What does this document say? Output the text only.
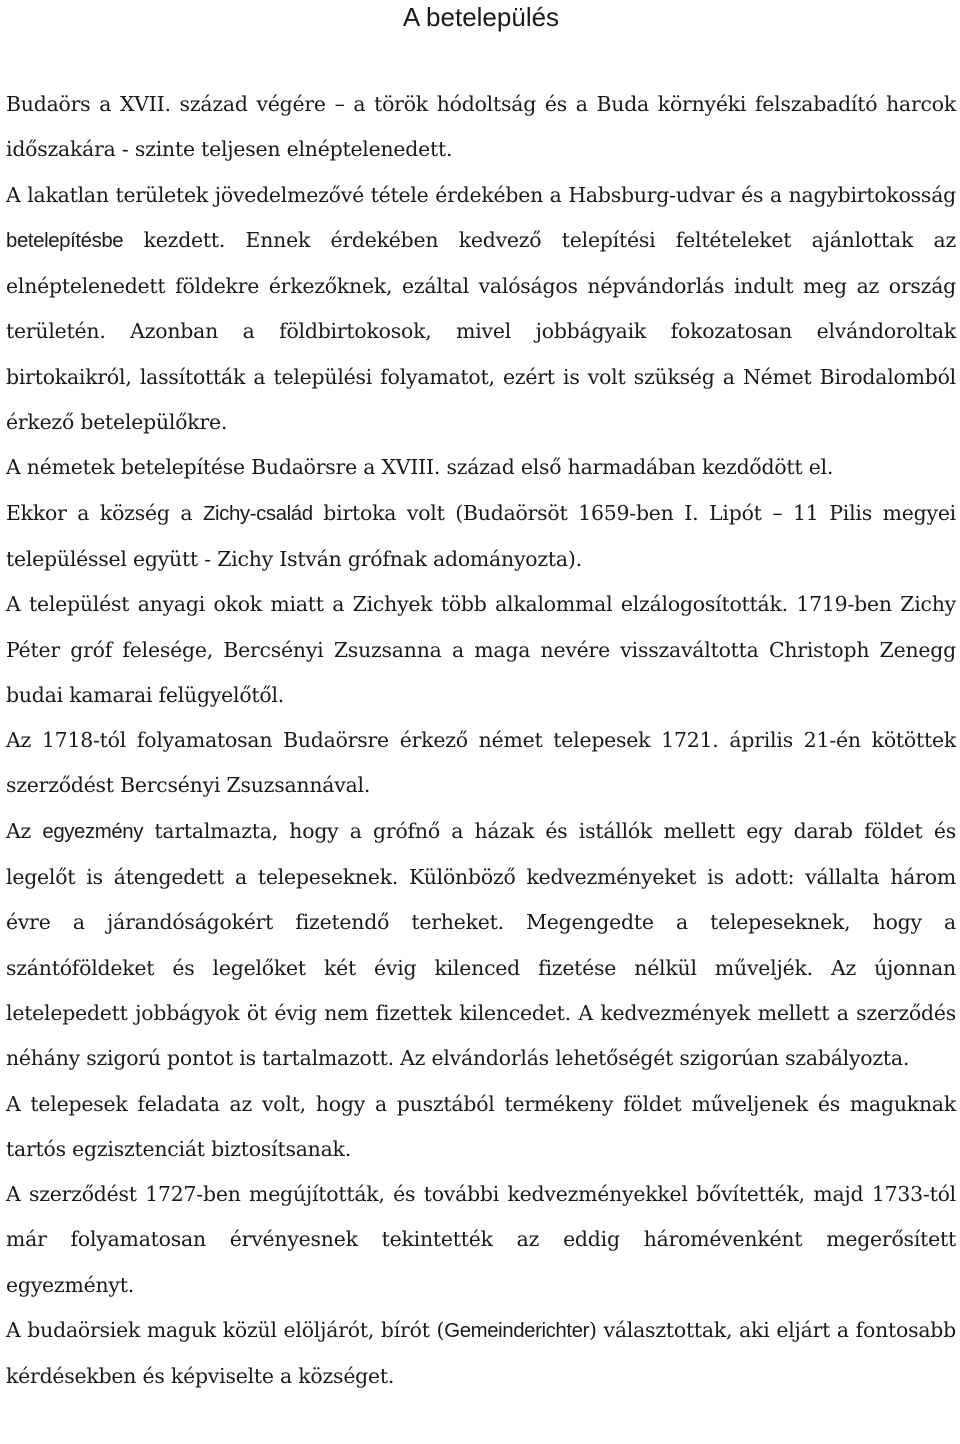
A betelepülés

Budaörs a XVII. század végére – a török hódoltság és a Buda környéki felszabadító harcok időszakára - szinte teljesen elnéptelenedett.

A lakatlan területek jövedelmezővé tétele érdekében a Habsburg-udvar és a nagybirtokosság betelepítésbe kezdett. Ennek érdekében kedvező telepítési feltételeket ajánlottak az elnéptelenedett földekre érkezőknek, ezáltal valóságos népvándorlás indult meg az ország területén. Azonban a földbirtokosok, mivel jobbágyaik fokozatosan elvándoroltak birtokaikról, lassították a települési folyamatot, ezért is volt szükség a Német Birodalomból érkező betelepülőkre.

A németek betelepítése Budaörsre a XVIII. század első harmadában kezdődött el.

Ekkor a község a Zichy-család birtoka volt (Budaörsöt 1659-ben I. Lipót – 11 Pilis megyei településsel együtt - Zichy István grófnak adományozta).

A települést anyagi okok miatt a Zichyek több alkalommal elzálogosították. 1719-ben Zichy Péter gróf felesége, Bercsényi Zsuzsanna a maga nevére visszaváltotta Christoph Zenegg budai kamarai felügyelőtől.

Az 1718-tól folyamatosan Budaörsre érkező német telepesek 1721. április 21-én kötöttek szerződést Bercsényi Zsuzsannával.

Az egyezmény tartalmazta, hogy a grófnő a házak és istállók mellett egy darab földet és legelőt is átengedett a telepeseknek. Különböző kedvezményeket is adott: vállalta három évre a járandóságokért fizetendő terheket. Megengedte a telepeseknek, hogy a szántóföldeket és legelőket két évig kilenced fizetése nélkül műveljék. Az újonnan letelepedett jobbágyok öt évig nem fizettek kilencedet. A kedvezmények mellett a szerződés néhány szigorú pontot is tartalmazott. Az elvándorlás lehetőségét szigorúan szabályozta.

A telepesek feladata az volt, hogy a pusztából termékeny földet műveljenek és maguknak tartós egzisztenciát biztosítsanak.

A szerződést 1727-ben megújították, és további kedvezményekkel bővítették, majd 1733-tól már folyamatosan érvényesnek tekintették az eddig háromévenként megerősített egyezményt.

A budaörsiek maguk közül elöljárót, bírót (Gemeinderichter) választottak, aki eljárt a fontosabb kérdésekben és képviselte a községet.
